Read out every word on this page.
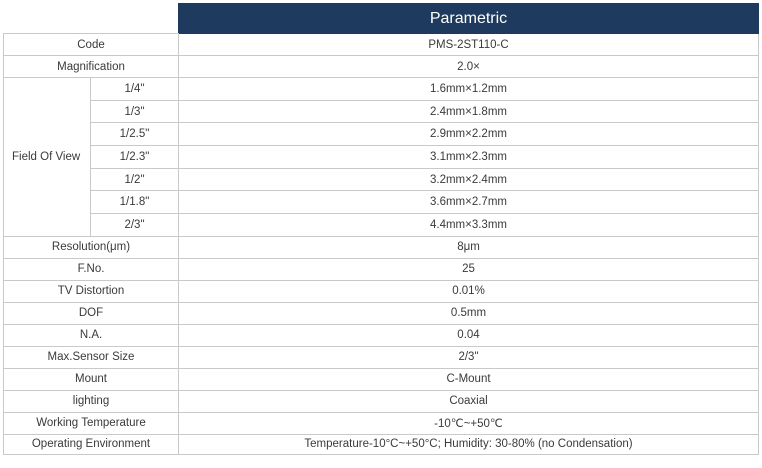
		Parametric
Code		PMS-2ST110-C
Magnification		2.0×
Field Of View	1/4"	1.6mm×1.2mm
	1/3"	2.4mm×1.8mm
	1/2.5"	2.9mm×2.2mm
	1/2.3"	3.1mm×2.3mm
	1/2"	3.2mm×2.4mm
	1/1.8"	3.6mm×2.7mm
	2/3"	4.4mm×3.3mm
Resolution(μm)		8μm
F.No.		25
TV Distortion		0.01%
DOF		0.5mm
N.A.		0.04
Max.Sensor Size		2/3"
Mount		C-Mount
lighting		Coaxial
Working Temperature		-10℃~+50℃
Operating Environment		Temperature-10°C~+50°C; Humidity: 30-80% (no Condensation)
